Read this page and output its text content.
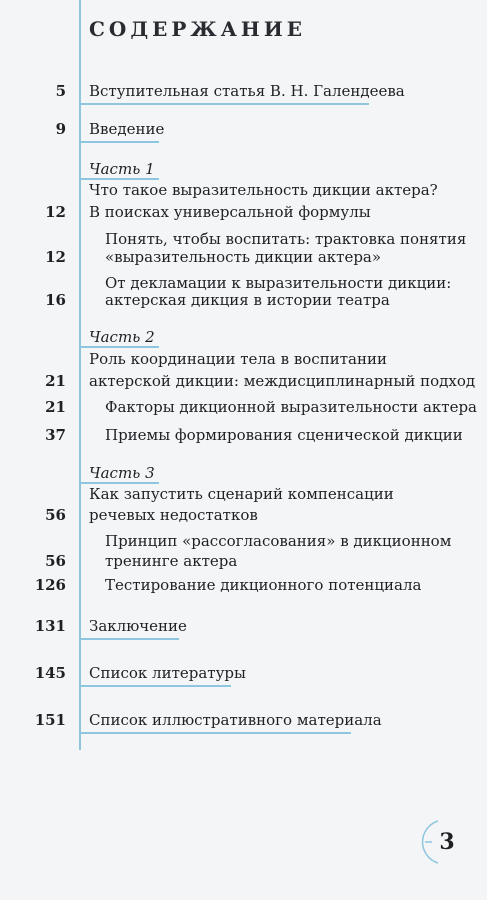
СОДЕРЖАНИЕ
5 Вступительная статья В. Н. Галендеева
9 Введение

Часть 1

Что такое выразительность дикции актера?
12 В поисках универсальной формулы
Понять, чтобы воспитать: трактовка понятия
12	«выразительность дикции актера»
От декламации к выразительности дикции:
16	актерская дикция в истории театра

Часть 2

Роль координации тела в воспитании
21 актерской дикции: междисциплинарный подход
21	Факторы дикционной выразительности актера
37	Приемы формирования сценической дикции

Часть 3

Как запустить сценарий компенсации
56 речевых недостатков
Принцип «рассогласования» в дикционном
56	тренинге актера
126	Тестирование дикционного потенциала
131 Заключение
145 Список литературы
151 Список иллюстративного материала
3
